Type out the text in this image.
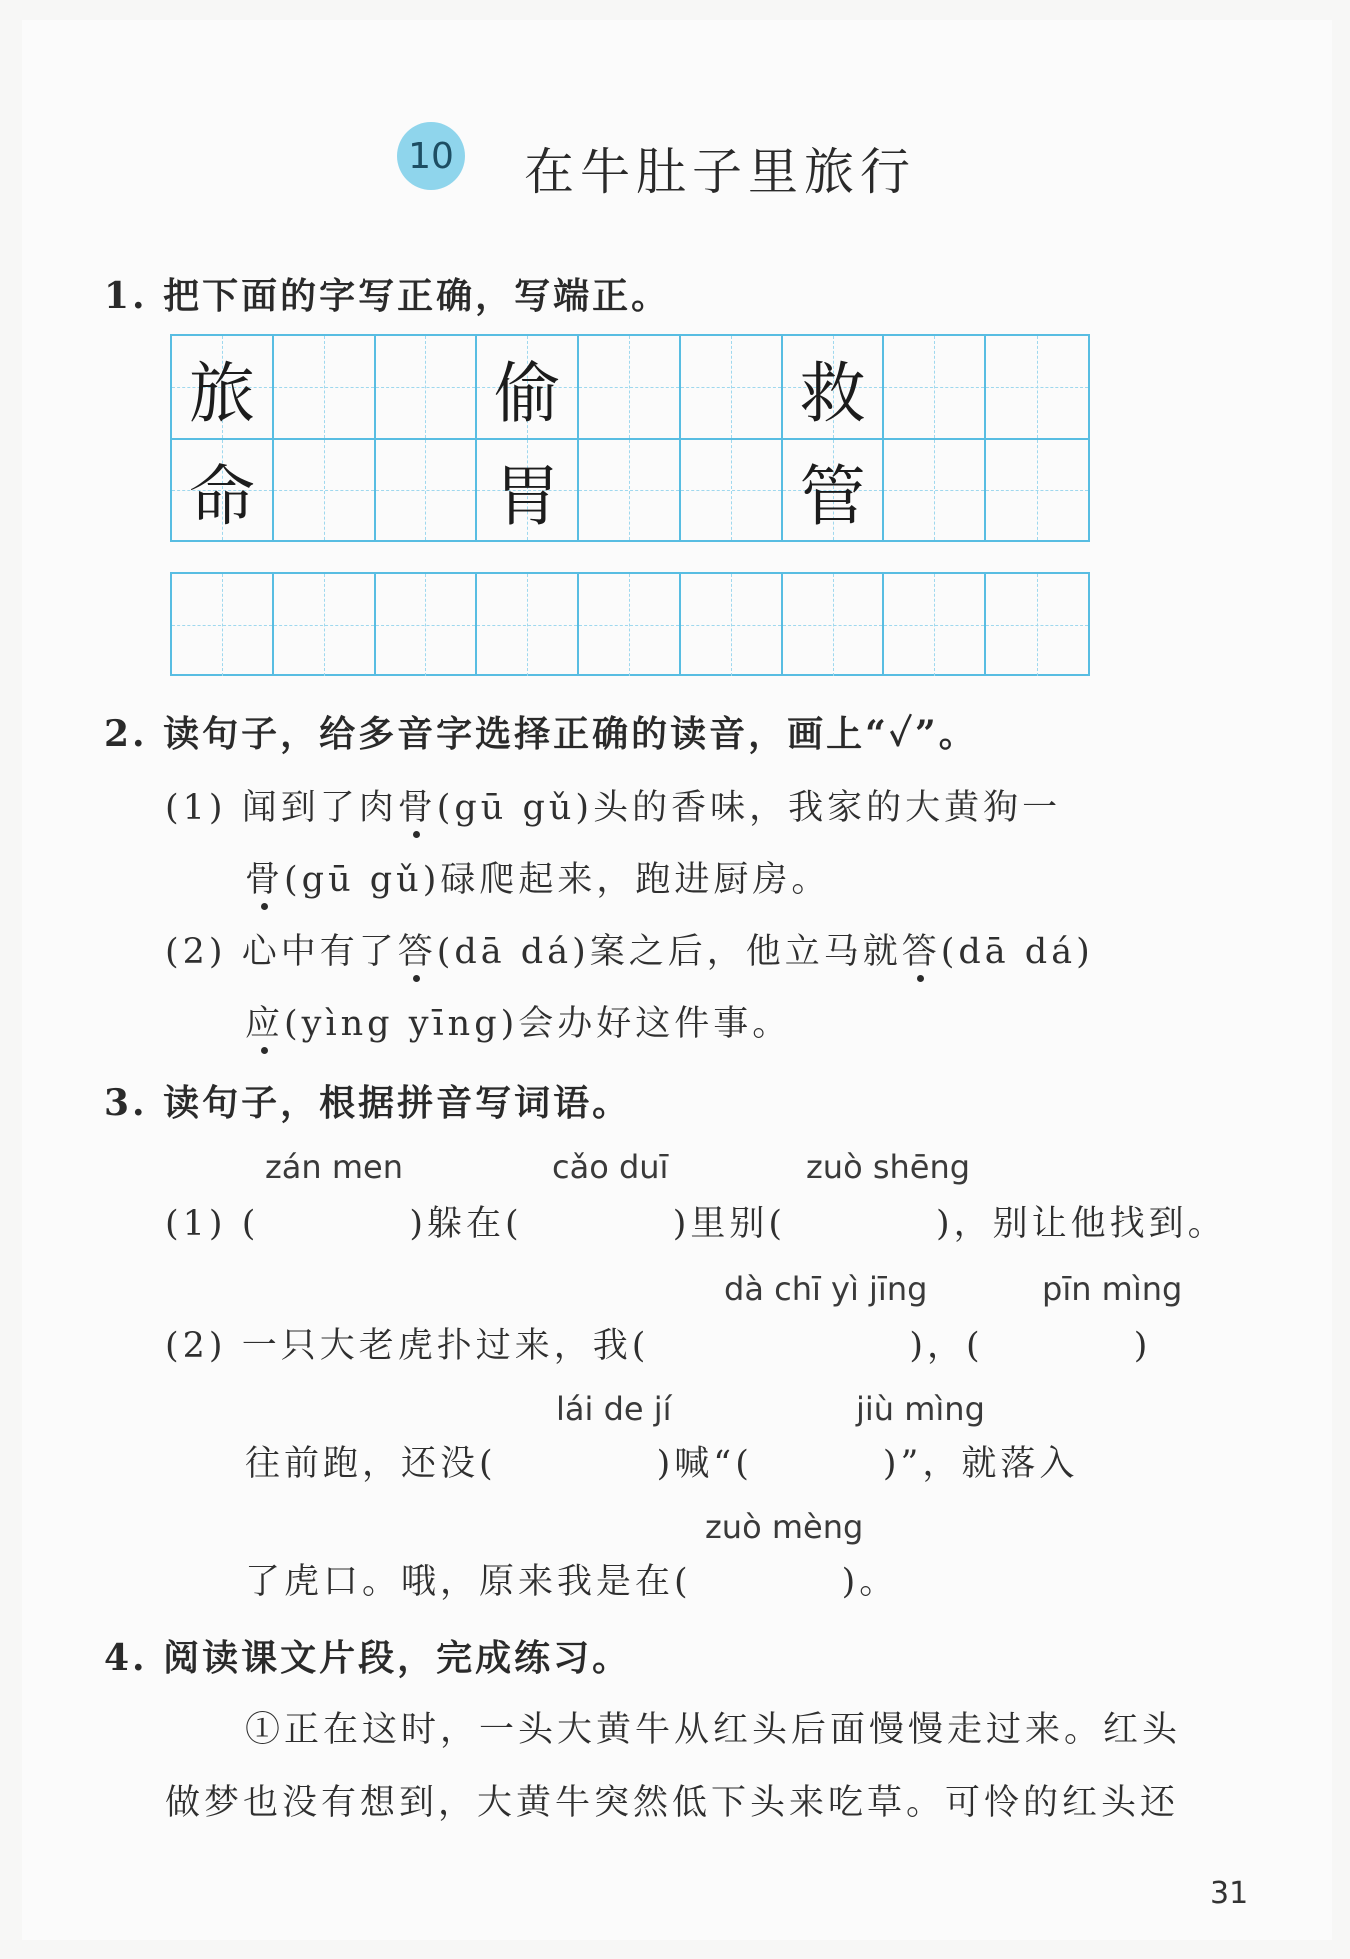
10 在牛肚子里旅行
1. 把下面的字写正确，写端正。
旅	偷	救
命	胃	管
2. 读句子，给多音字选择正确的读音，画上“✓”。
(1) 闻到了肉骨(gū gǔ)头的香味，我家的大黄狗一
骨(gū gǔ)碌爬起来，跑进厨房。
(2) 心中有了答(dā dá)案之后，他立马就答(dā dá)
应(yìng yīng)会办好这件事。
3. 读句子，根据拼音写词语。
zán men	cǎo duī	zuò shēng
(1) (	)躲在(	)里别(	)，别让他找到。
dà chī yì jīng	pīn mìng
(2) 一只大老虎扑过来，我(	)，(	)
lái de jí	jiù mìng
往前跑，还没(	)喊“(	)”，就落入
zuò mèng
了虎口。哦，原来我是在(	)。
4. 阅读课文片段，完成练习。
①正在这时，一头大黄牛从红头后面慢慢走过来。红头
做梦也没有想到，大黄牛突然低下头来吃草。可怜的红头还
31
